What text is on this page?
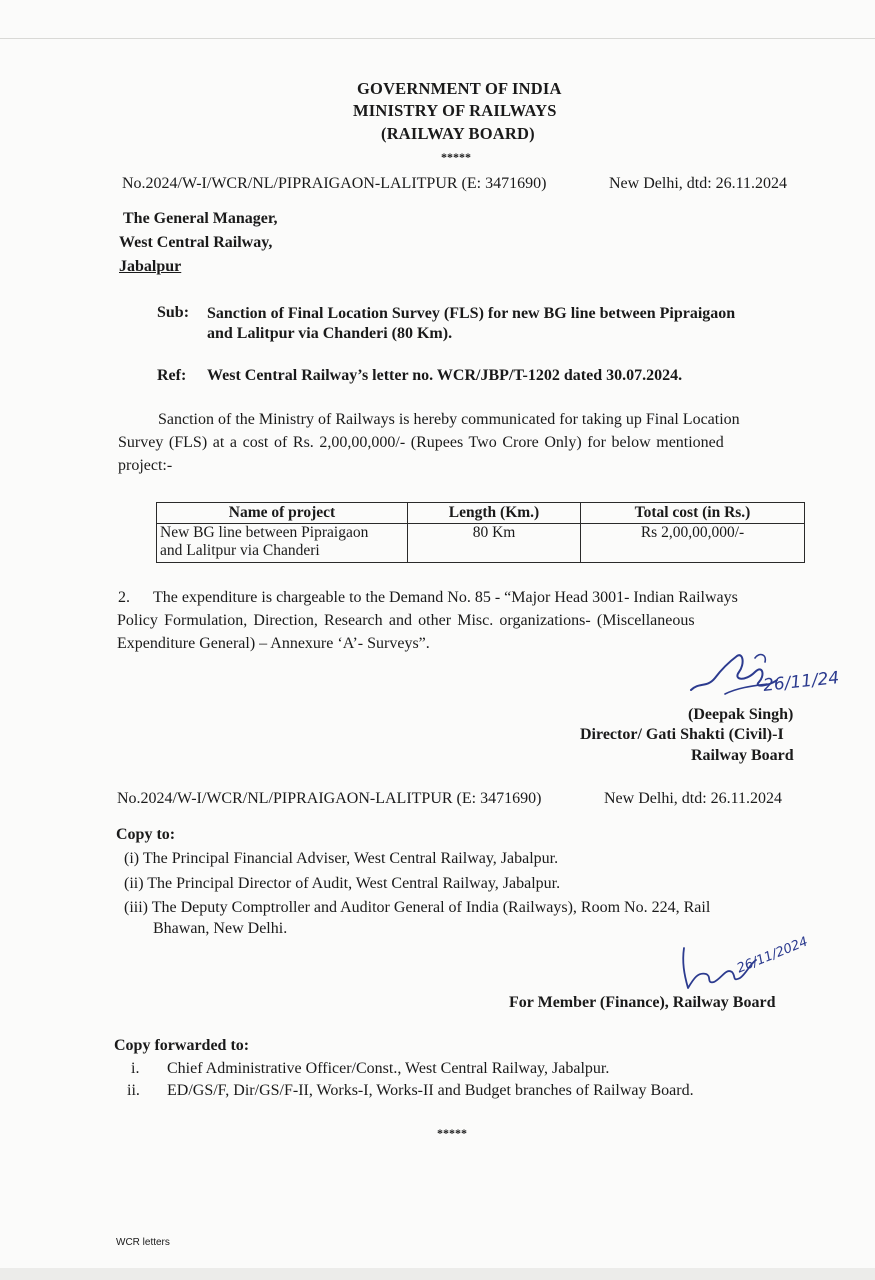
GOVERNMENT OF INDIA
MINISTRY OF RAILWAYS
(RAILWAY BOARD)
*****
No.2024/W-I/WCR/NL/PIPRAIGAON-LALITPUR (E: 3471690)	New Delhi, dtd: 26.11.2024
The General Manager,
West Central Railway,
Jabalpur
Sub: Sanction of Final Location Survey (FLS) for new BG line between Pipraigaon
and Lalitpur via Chanderi (80 Km).
Ref: West Central Railway’s letter no. WCR/JBP/T-1202 dated 30.07.2024.
Sanction of the Ministry of Railways is hereby communicated for taking up Final Location
Survey (FLS) at a cost of Rs. 2,00,00,000/- (Rupees Two Crore Only) for below mentioned
project:-
Name of project	Length (Km.)	Total cost (in Rs.)

New BG line between Pipraigaon
and Lalitpur via Chanderi	80 Km	Rs 2,00,00,000/-
2. The expenditure is chargeable to the Demand No. 85 - “Major Head 3001- Indian Railways
Policy Formulation, Direction, Research and other Misc. organizations- (Miscellaneous
Expenditure General) – Annexure ‘A’- Surveys”.
26/11/24
(Deepak Singh)
Director/ Gati Shakti (Civil)-I
Railway Board
No.2024/W-I/WCR/NL/PIPRAIGAON-LALITPUR (E: 3471690)	New Delhi, dtd: 26.11.2024
Copy to:
(i) The Principal Financial Adviser, West Central Railway, Jabalpur.
(ii) The Principal Director of Audit, West Central Railway, Jabalpur.
(iii) The Deputy Comptroller and Auditor General of India (Railways), Room No. 224, Rail
Bhawan, New Delhi.
26/11/2024
For Member (Finance), Railway Board
Copy forwarded to:
i. Chief Administrative Officer/Const., West Central Railway, Jabalpur.
ii. ED/GS/F, Dir/GS/F-II, Works-I, Works-II and Budget branches of Railway Board.
*****
WCR letters
